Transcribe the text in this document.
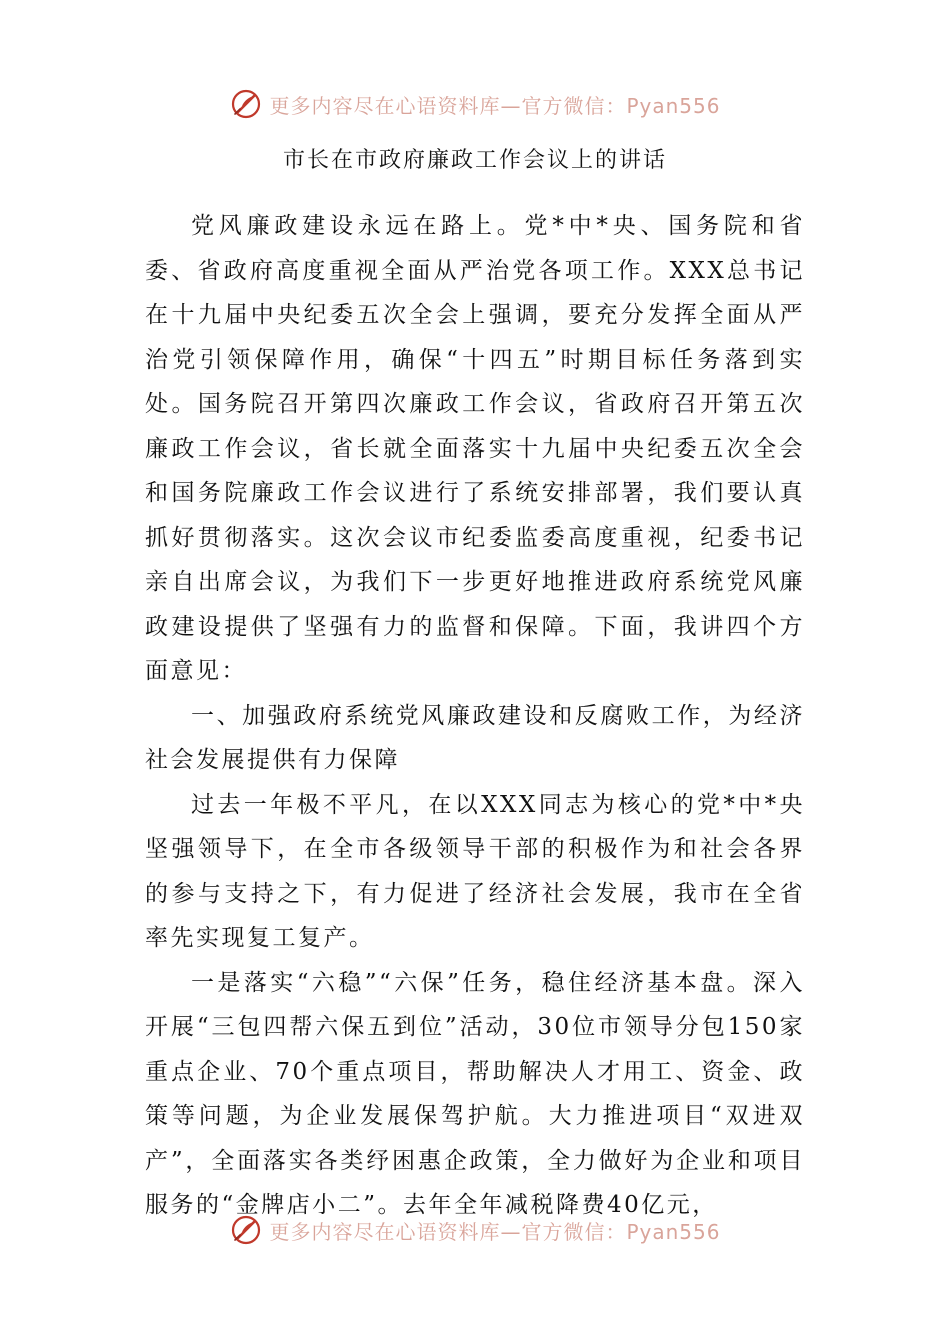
更多内容尽在心语资料库—官方微信：Pyan556
市长在市政府廉政工作会议上的讲话

党风廉政建设永远在路上。党*中*央、国务院和省委、省政府高度重视全面从严治党各项工作。XXX总书记在十九届中央纪委五次全会上强调，要充分发挥全面从严治党引领保障作用，确保“十四五”时期目标任务落到实处。国务院召开第四次廉政工作会议，省政府召开第五次廉政工作会议，省长就全面落实十九届中央纪委五次全会和国务院廉政工作会议进行了系统安排部署，我们要认真抓好贯彻落实。这次会议市纪委监委高度重视，纪委书记亲自出席会议，为我们下一步更好地推进政府系统党风廉政建设提供了坚强有力的监督和保障。下面，我讲四个方面意见：

一、加强政府系统党风廉政建设和反腐败工作，为经济社会发展提供有力保障

过去一年极不平凡，在以XXX同志为核心的党*中*央坚强领导下，在全市各级领导干部的积极作为和社会各界的参与支持之下，有力促进了经济社会发展，我市在全省率先实现复工复产。

一是落实“六稳”“六保”任务，稳住经济基本盘。深入开展“三包四帮六保五到位”活动，30位市领导分包150家重点企业、70个重点项目，帮助解决人才用工、资金、政策等问题，为企业发展保驾护航。大力推进项目“双进双产”，全面落实各类纾困惠企政策，全力做好为企业和项目服务的“金牌店小二”。去年全年减税降费40亿元，

更多内容尽在心语资料库—官方微信：Pyan556
